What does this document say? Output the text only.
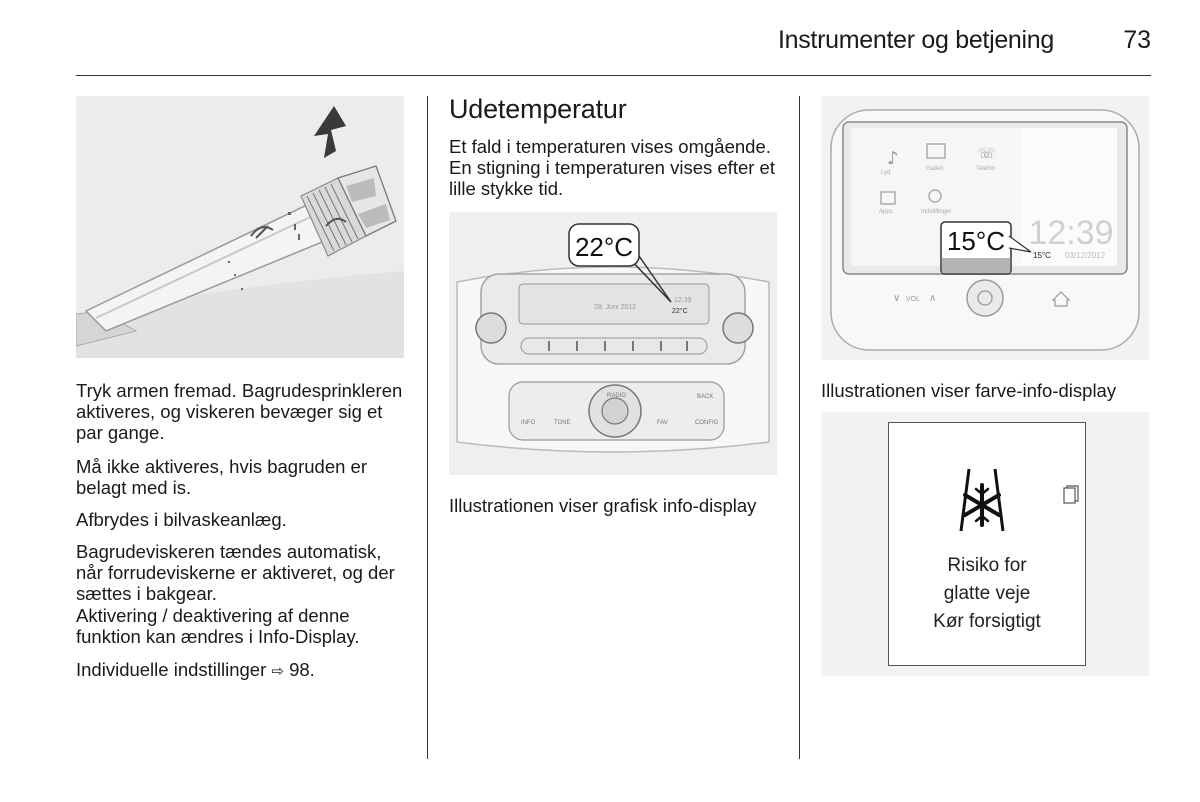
Instrumenter og betjening	73

Tryk armen fremad. Bagrudesprinkleren aktiveres, og viskeren bevæger sig et par gange.

Må ikke aktiveres, hvis bagruden er belagt med is.

Afbrydes i bilvaskeanlæg.

Bagrudeviskeren tændes automatisk, når forrudeviskerne er aktiveret, og der sættes i bakgear.

Aktivering / deaktivering af denne funktion kan ændres i Info-Display.

Individuelle indstillinger ⇨ 98.

Udetemperatur

Et fald i temperaturen vises omgående. En stigning i temperaturen vises efter et lille stykke tid.

28. Juni 2012
12:39
22°C
INFO	TONE
RADIO
FAV	CONFIG
BACK
22°C

Illustrationen viser grafisk info-display

♪	☏
Lyd
Galleri	Telefon
Apps	Indstillinger
12:39
15°C 03/12/2012
15°C
∨ VOL ∧

Illustrationen viser farve-info-display

Risiko for
glatte veje
Kør forsigtigt
